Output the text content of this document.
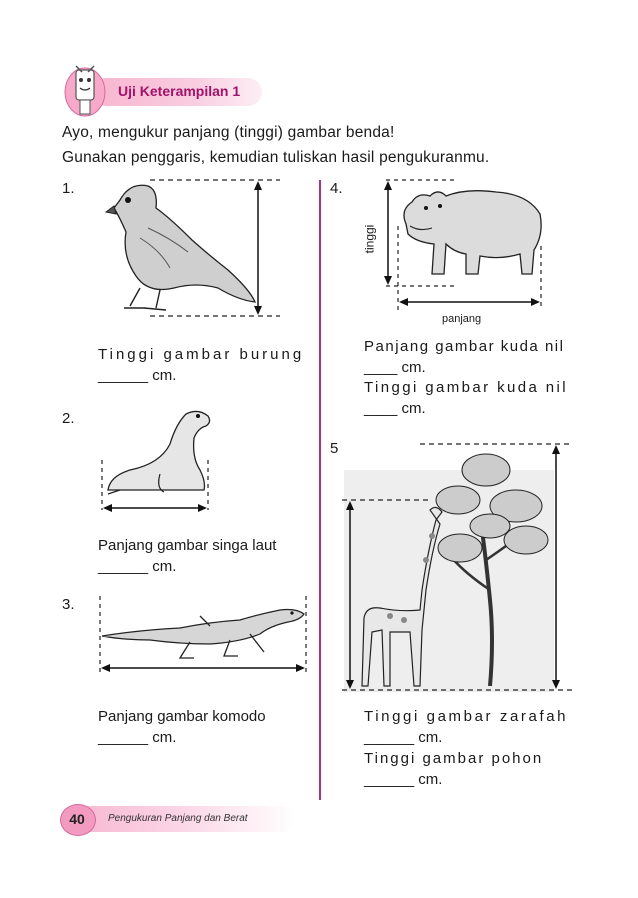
Uji Keterampilan 1
Ayo, mengukur panjang (tinggi) gambar benda!
Gunakan penggaris, kemudian tuliskan hasil pengukuranmu.
1.
Tinggi gambar burung
______ cm.
2.
Panjang gambar singa laut
______ cm.
3.
Panjang gambar komodo
______ cm.
4.
tinggi
panjang
Panjang gambar kuda nil
____ cm.
Tinggi gambar kuda nil
____ cm.
5
Tinggi gambar zarafah
______ cm.
Tinggi gambar pohon
______ cm.
40	Pengukuran Panjang dan Berat
